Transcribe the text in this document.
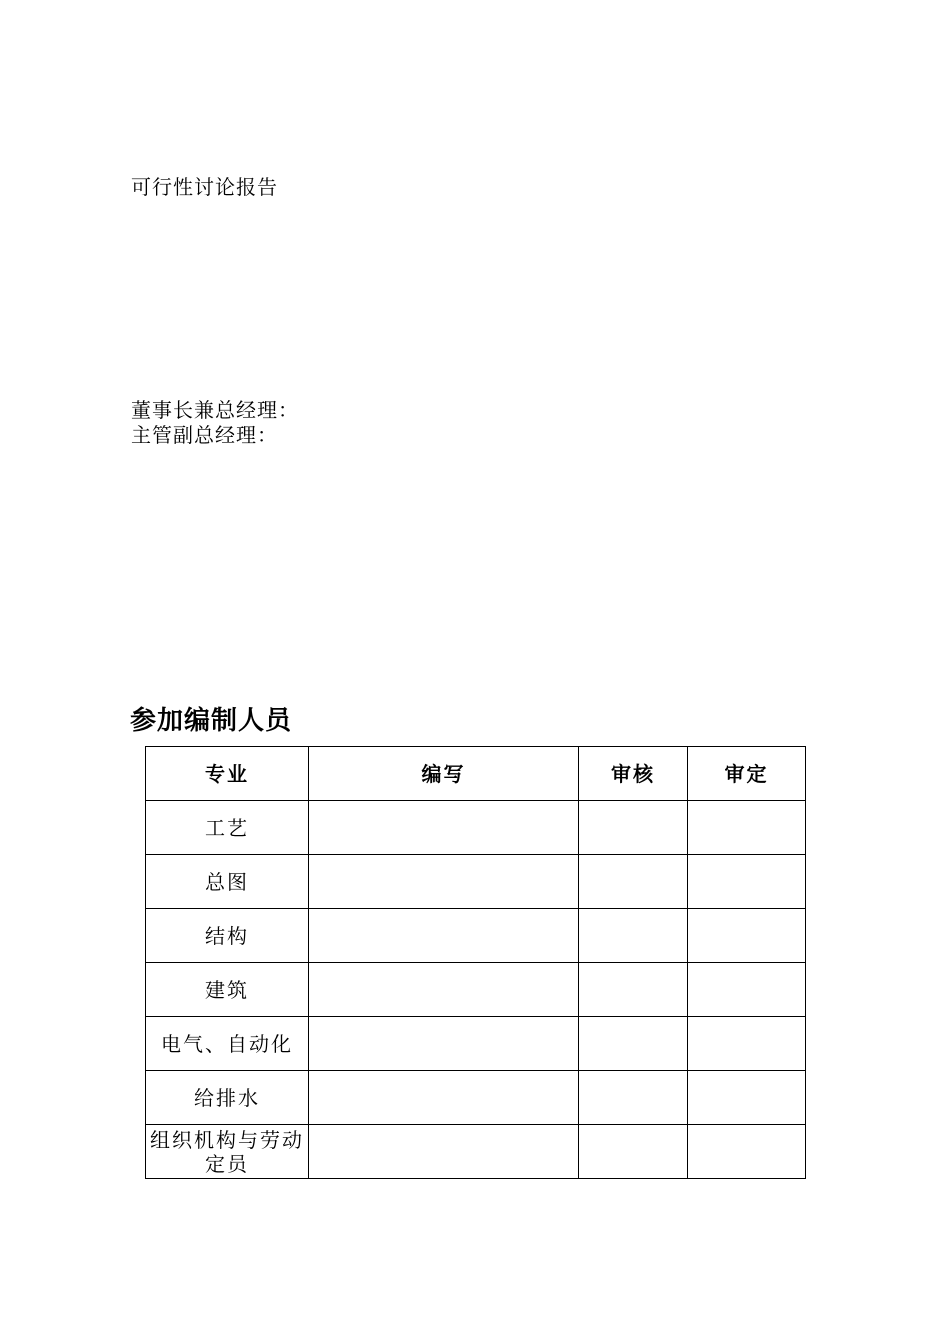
可行性讨论报告
董事长兼总经理：
主管副总经理：
参加编制人员
专业	编写	审核	审定
工艺			
总图			
结构			
建筑			
电气、自动化			
给排水			
组织机构与劳动定员			
